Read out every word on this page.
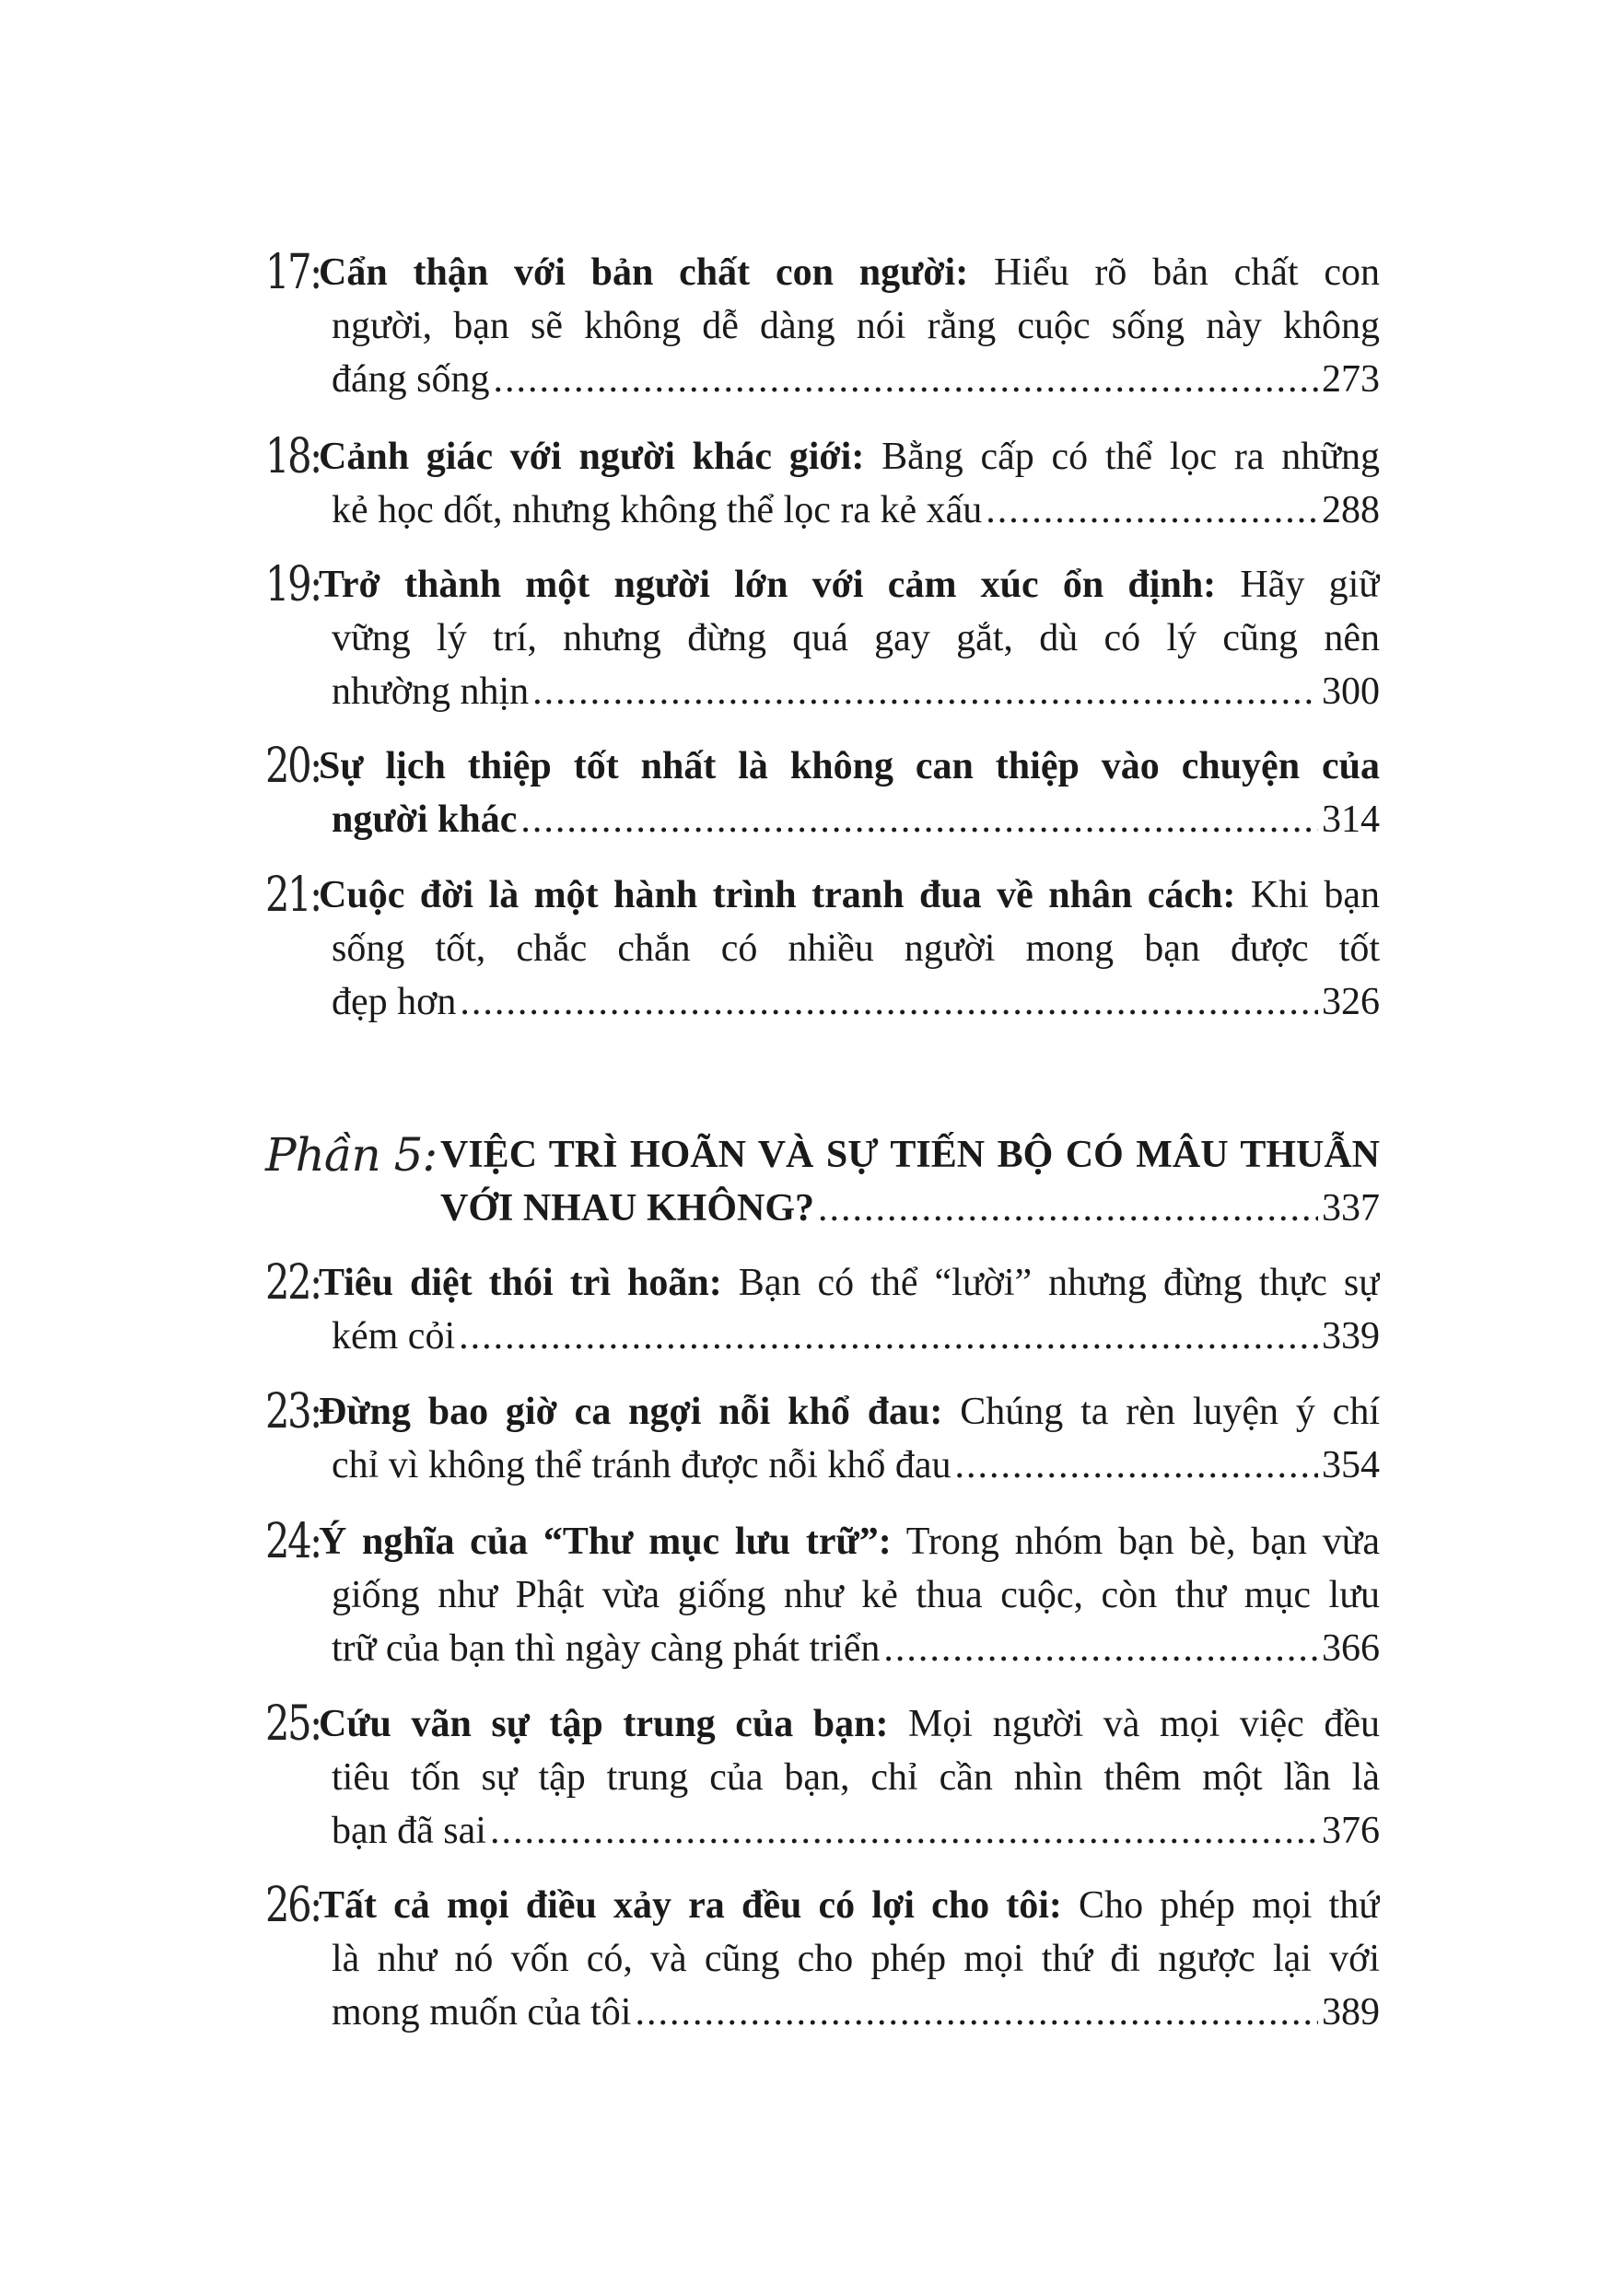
17:
Cẩn thận với bản chất con người: Hiểu rõ bản chất con
người, bạn sẽ không dễ dàng nói rằng cuộc sống này không
đáng sống .....	273
18:
Cảnh giác với người khác giới: Bằng cấp có thể lọc ra những
kẻ học dốt, nhưng không thể lọc ra kẻ xấu .....	288
19:
Trở thành một người lớn với cảm xúc ổn định: Hãy giữ
vững lý trí, nhưng đừng quá gay gắt, dù có lý cũng nên
nhường nhịn .....	300
20:
Sự lịch thiệp tốt nhất là không can thiệp vào chuyện của
người khác .....	314
21:
Cuộc đời là một hành trình tranh đua về nhân cách: Khi bạn
sống tốt, chắc chắn có nhiều người mong bạn được tốt
đẹp hơn .....	326
Phần 5: VIỆC TRÌ HOÃN VÀ SỰ TIẾN BỘ CÓ MÂU THUẪN
VỚI NHAU KHÔNG? .....	337
22:
Tiêu diệt thói trì hoãn: Bạn có thể “lười” nhưng đừng thực sự
kém cỏi .....	339
23:
Đừng bao giờ ca ngợi nỗi khổ đau: Chúng ta rèn luyện ý chí
chỉ vì không thể tránh được nỗi khổ đau .....	354
24:
Ý nghĩa của “Thư mục lưu trữ”: Trong nhóm bạn bè, bạn vừa
giống như Phật vừa giống như kẻ thua cuộc, còn thư mục lưu
trữ của bạn thì ngày càng phát triển .....	366
25:
Cứu vãn sự tập trung của bạn: Mọi người và mọi việc đều
tiêu tốn sự tập trung của bạn, chỉ cần nhìn thêm một lần là
bạn đã sai .....	376
26:
Tất cả mọi điều xảy ra đều có lợi cho tôi: Cho phép mọi thứ
là như nó vốn có, và cũng cho phép mọi thứ đi ngược lại với
mong muốn của tôi .....	389
